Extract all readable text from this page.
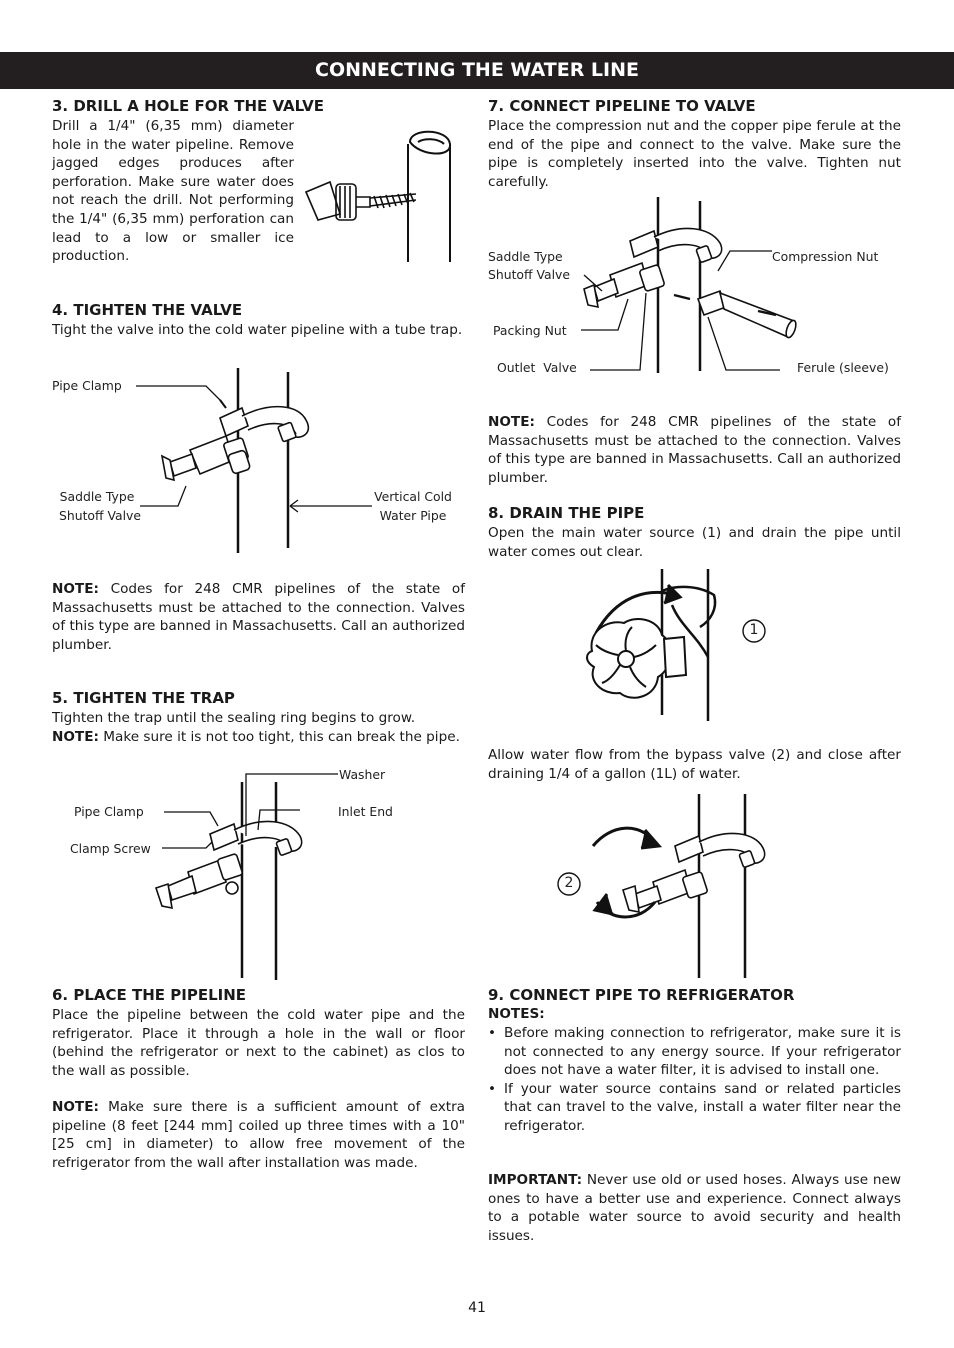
CONNECTING THE WATER LINE
3. DRILL A HOLE FOR THE VALVE
Drill a 1/4" (6,35 mm) diameter hole in the water pipeline. Remove jagged edges produces after perforation. Make sure water does not reach the drill. Not performing the 1/4" (6,35 mm) perforation can lead to a low or smaller ice production.
4. TIGHTEN THE VALVE
Tight the valve into the cold water pipeline with a tube trap.
Pipe Clamp
Saddle Type
Shutoff Valve
Vertical Cold
Water Pipe
NOTE: Codes for 248 CMR pipelines of the state of Massachusetts must be attached to the connection. Valves of this type are banned in Massachusetts. Call an authorized plumber.
5. TIGHTEN THE TRAP
Tighten the trap until the sealing ring begins to grow.
NOTE: Make sure it is not too tight, this can break the pipe.
Washer
Pipe Clamp	Inlet End
Clamp Screw
6. PLACE THE PIPELINE
Place the pipeline between the cold water pipe and the refrigerator. Place it through a hole in the wall or floor (behind the refrigerator or next to the cabinet) as clos to the wall as possible.
NOTE: Make sure there is a sufficient amount of extra pipeline (8 feet [244 mm] coiled up three times with a 10" [25 cm] in diameter) to allow free movement of the refrigerator from the wall after installation was made.
7. CONNECT PIPELINE TO VALVE
Place the compression nut and the copper pipe ferule at the end of the pipe and connect to the valve. Make sure the pipe is completely inserted into the valve. Tighten nut carefully.
Saddle Type
Shutoff Valve
Compression Nut
Packing Nut
Outlet  Valve	Ferule (sleeve)
NOTE: Codes for 248 CMR pipelines of the state of Massachusetts must be attached to the connection. Valves of this type are banned in Massachusetts. Call an authorized plumber.
8. DRAIN THE PIPE
Open the main water source (1) and drain the pipe until water comes out clear.
1
Allow water flow from the bypass valve (2) and close after draining 1/4 of a gallon (1L) of water.
2
9. CONNECT PIPE TO REFRIGERATOR
NOTES:
• Before making connection to refrigerator, make sure it is not connected to any energy source. If your refrigerator does not have a water filter, it is advised to install one.
• If your water source contains sand or related particles that can travel to the valve, install a water filter near the refrigerator.
IMPORTANT: Never use old or used hoses. Always use new ones to have a better use and experience. Connect always to a potable water source to avoid security and health issues.
41
